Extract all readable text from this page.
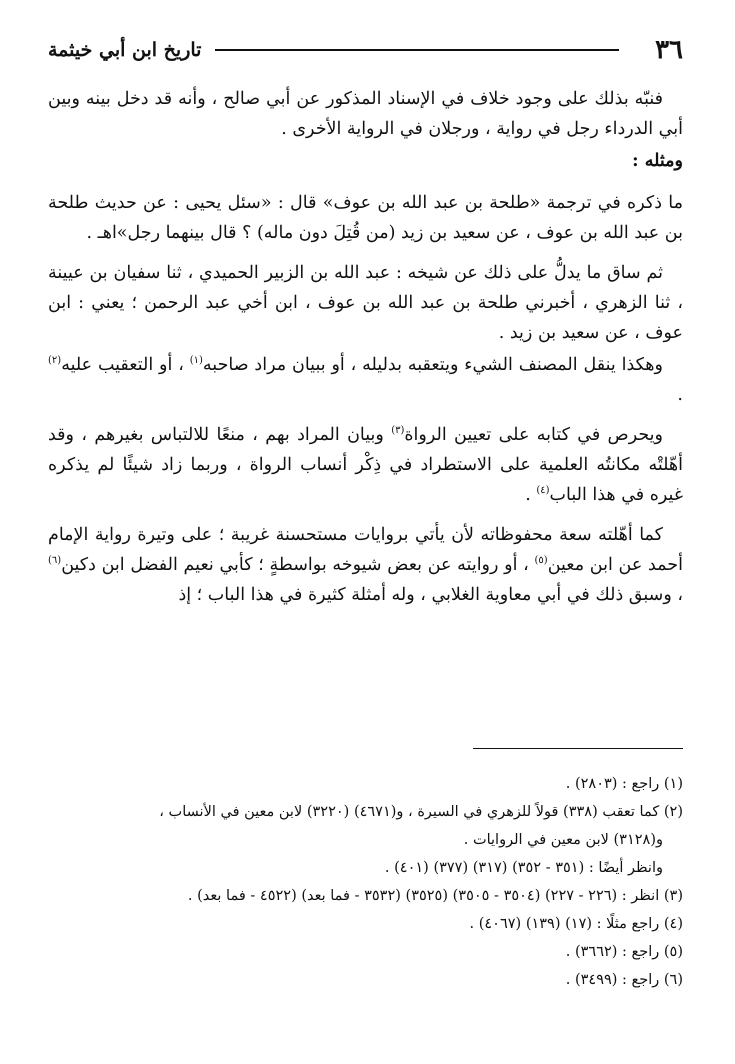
٣٦
تاريخ ابن أبي خيثمة

فنبّه بذلك على وجود خلاف في الإسناد المذكور عن أبي صالح ، وأنه قد دخل بينه وبين أبي الدرداء رجل في رواية ، ورجلان في الرواية الأخرى .

ومثله :

ما ذكره في ترجمة «طلحة بن عبد الله بن عوف» قال : «سئل يحيى : عن حديث طلحة بن عبد الله بن عوف ، عن سعيد بن زيد (من قُتِلَ دون ماله) ؟ قال بينهما رجل»اهـ .

ثم ساق ما يدلُّ على ذلك عن شيخه : عبد الله بن الزبير الحميدي ، ثنا سفيان بن عيينة ، ثنا الزهري ، أخبرني طلحة بن عبد الله بن عوف ، ابن أخي عبد الرحمن ؛ يعني : ابن عوف ، عن سعيد بن زيد .

وهكذا ينقل المصنف الشيء ويتعقبه بدليله ، أو ببيان مراد صاحبه$^{(١)}$ ، أو التعقيب عليه$^{(٢)}$ .

ويحرص في كتابه على تعيين الرواة$^{(٣)}$ وبيان المراد بهم ، منعًا للالتباس بغيرهم ، وقد أهّلتْه مكانتُه العلمية على الاستطراد في ذِكْر أنساب الرواة ، وربما زاد شيئًا لم يذكره غيره في هذا الباب$^{(٤)}$ .

كما أهّلته سعة محفوظاته لأن يأتي بروايات مستحسنة غريبة ؛ على وتيرة رواية الإمام أحمد عن ابن معين$^{(٥)}$ ، أو روايته عن بعض شيوخه بواسطةٍ ؛ كأبي نعيم الفضل ابن دكين$^{(٦)}$ ، وسبق ذلك في أبي معاوية الغلابي ، وله أمثلة كثيرة في هذا الباب ؛ إذ

(١) راجع : (٢٨٠٣) .
(٢) كما تعقب (٣٣٨) قولاً للزهري في السيرة ، و(٤٦٧١) (٣٢٢٠) لابن معين في الأنساب ،
و(٣١٢٨) لابن معين في الروايات .
وانظر أيضًا : (٣٥١ - ٣٥٢) (٣١٧) (٣٧٧) (٤٠١) .
(٣) انظر : (٢٢٦ - ٢٢٧) (٣٥٠٤ - ٣٥٠٥) (٣٥٢٥) (٣٥٣٢ - فما بعد) (٤٥٢٢ - فما بعد) .
(٤) راجع مثلًا : (١٧) (١٣٩) (٤٠٦٧) .
(٥) راجع : (٣٦٦٢) .
(٦) راجع : (٣٤٩٩) .
